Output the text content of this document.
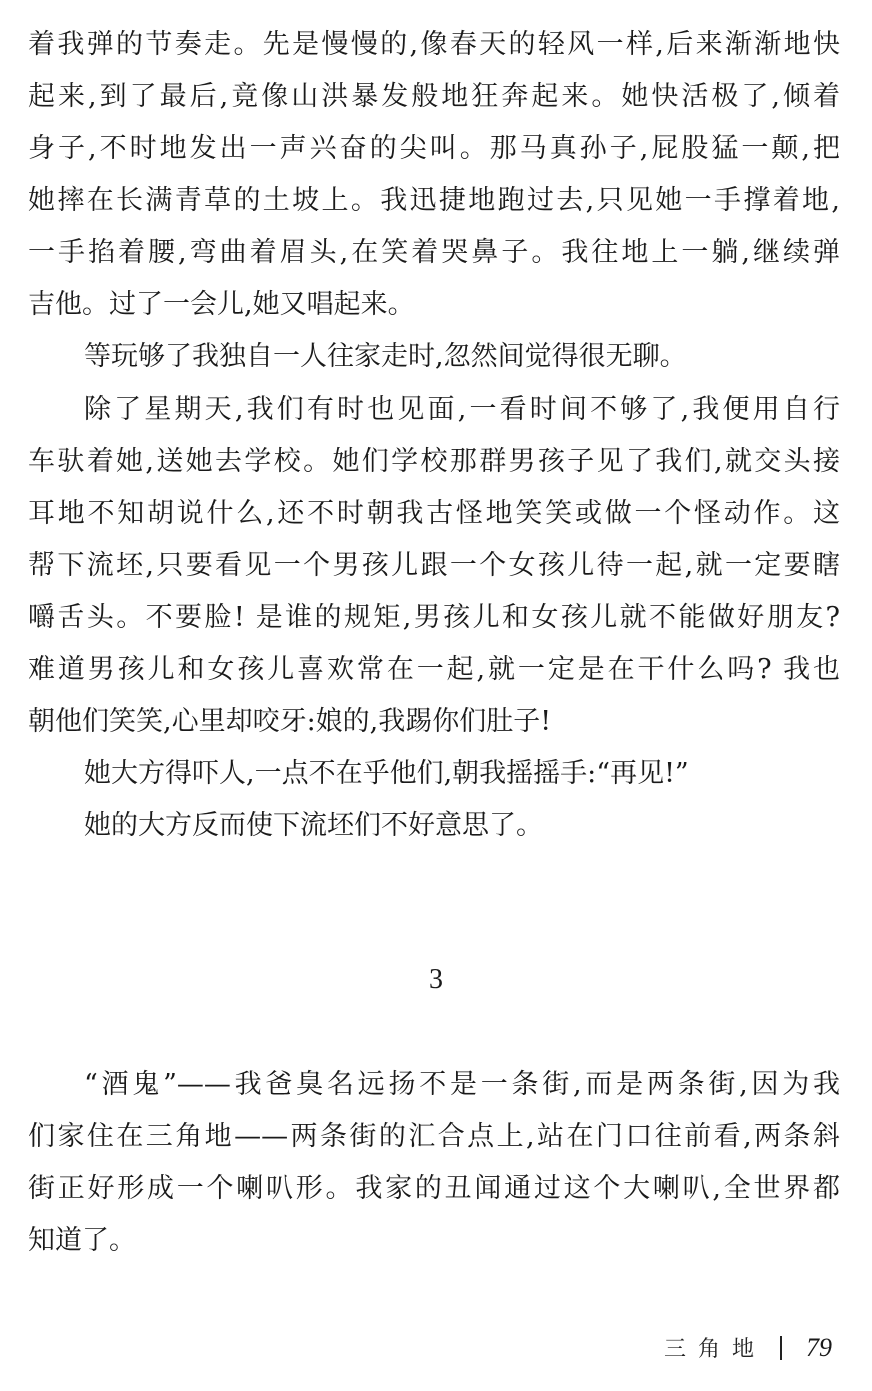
着我弹的节奏走。先是慢慢的,像春天的轻风一样,后来渐渐地快
起来,到了最后,竟像山洪暴发般地狂奔起来。她快活极了,倾着
身子,不时地发出一声兴奋的尖叫。那马真孙子,屁股猛一颠,把
她摔在长满青草的土坡上。我迅捷地跑过去,只见她一手撑着地,
一手掐着腰,弯曲着眉头,在笑着哭鼻子。我往地上一躺,继续弹
吉他。过了一会儿,她又唱起来。
等玩够了我独自一人往家走时,忽然间觉得很无聊。
除了星期天,我们有时也见面,一看时间不够了,我便用自行
车驮着她,送她去学校。她们学校那群男孩子见了我们,就交头接
耳地不知胡说什么,还不时朝我古怪地笑笑或做一个怪动作。这
帮下流坯,只要看见一个男孩儿跟一个女孩儿待一起,就一定要瞎
嚼舌头。不要脸! 是谁的规矩,男孩儿和女孩儿就不能做好朋友?
难道男孩儿和女孩儿喜欢常在一起,就一定是在干什么吗? 我也
朝他们笑笑,心里却咬牙:娘的,我踢你们肚子!
她大方得吓人,一点不在乎他们,朝我摇摇手:“再见!”
她的大方反而使下流坯们不好意思了。
3
“酒鬼”——我爸臭名远扬不是一条街,而是两条街,因为我
们家住在三角地——两条街的汇合点上,站在门口往前看,两条斜
街正好形成一个喇叭形。我家的丑闻通过这个大喇叭,全世界都
知道了。
三角地 79
